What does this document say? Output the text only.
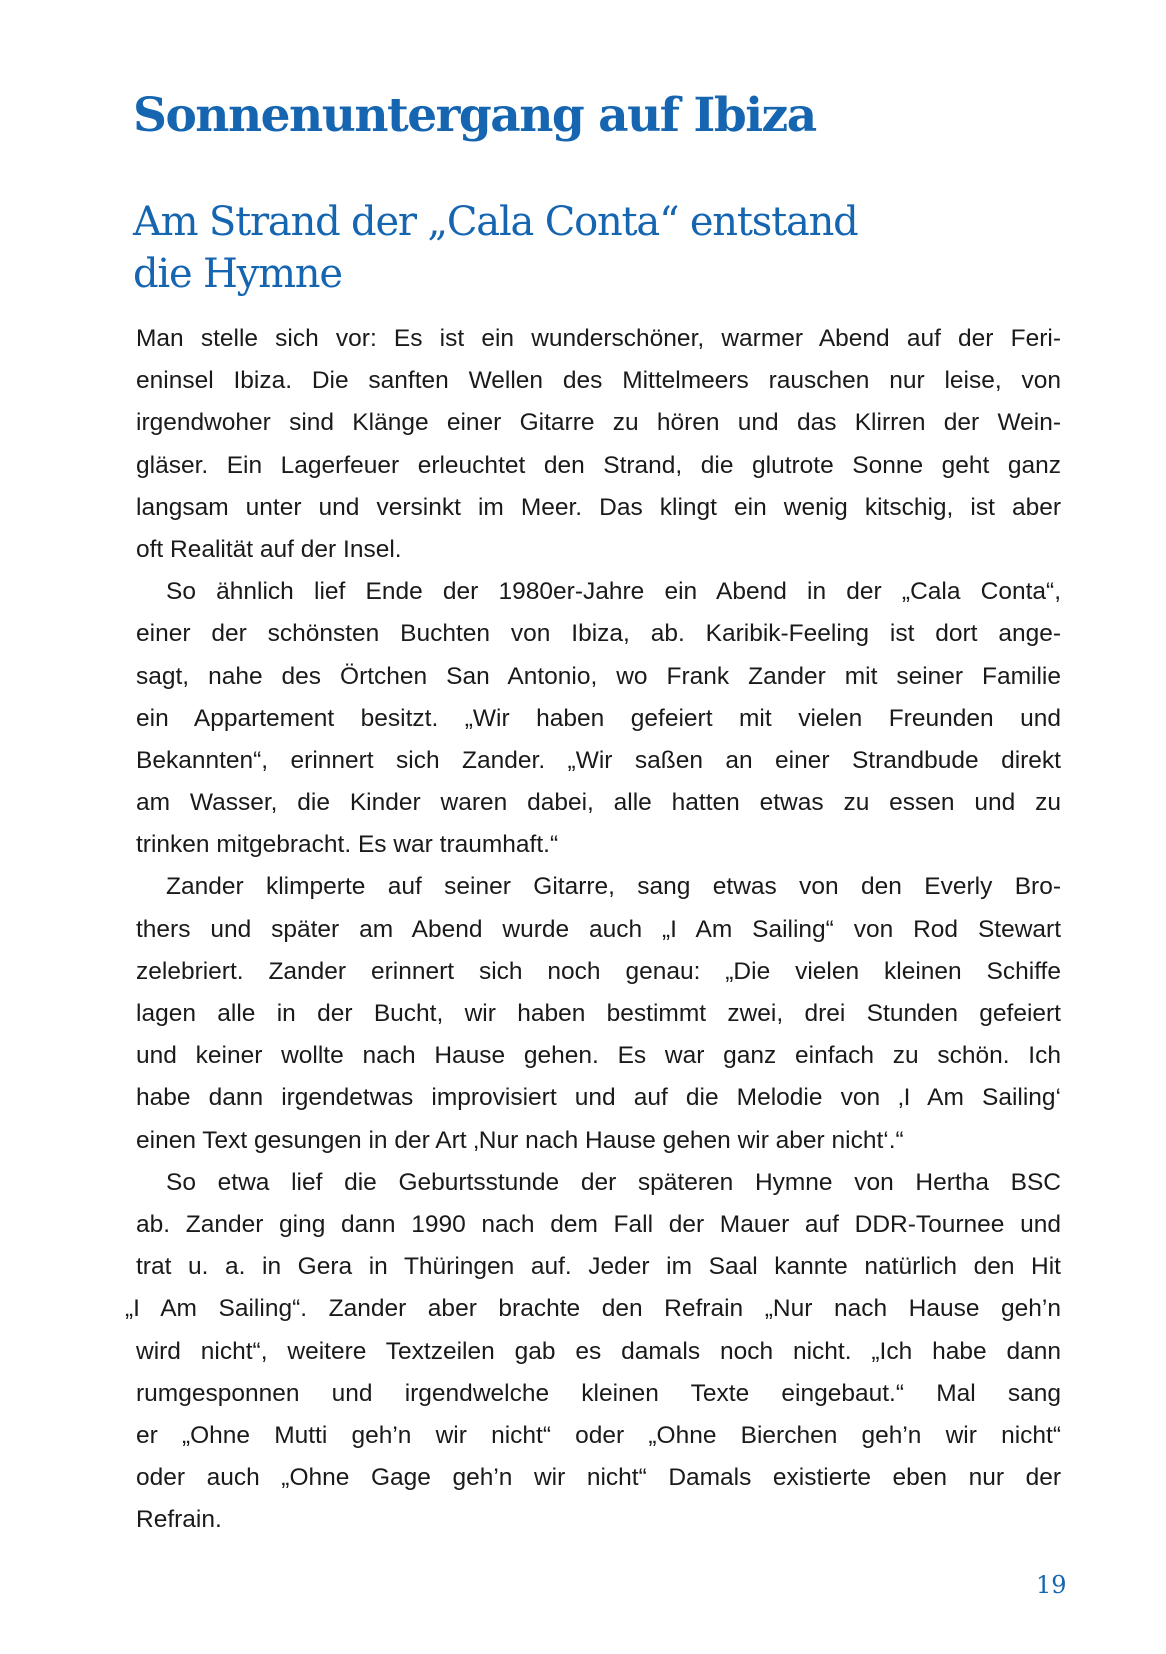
Sonnenuntergang auf Ibiza
Am Strand der „Cala Conta“ entstand
die Hymne
Man stelle sich vor: Es ist ein wunderschöner, warmer Abend auf der Feri-
eninsel Ibiza. Die sanften Wellen des Mittelmeers rauschen nur leise, von
irgendwoher sind Klänge einer Gitarre zu hören und das Klirren der Wein-
gläser. Ein Lagerfeuer erleuchtet den Strand, die glutrote Sonne geht ganz
langsam unter und versinkt im Meer. Das klingt ein wenig kitschig, ist aber
oft Realität auf der Insel.
So ähnlich lief Ende der 1980er-Jahre ein Abend in der „Cala Conta“,
einer der schönsten Buchten von Ibiza, ab. Karibik-Feeling ist dort ange-
sagt, nahe des Örtchen San Antonio, wo Frank Zander mit seiner Familie
ein Appartement besitzt. „Wir haben gefeiert mit vielen Freunden und
Bekannten“, erinnert sich Zander. „Wir saßen an einer Strandbude direkt
am Wasser, die Kinder waren dabei, alle hatten etwas zu essen und zu
trinken mitgebracht. Es war traumhaft.“
Zander klimperte auf seiner Gitarre, sang etwas von den Everly Bro-
thers und später am Abend wurde auch „I Am Sailing“ von Rod Stewart
zelebriert. Zander erinnert sich noch genau: „Die vielen kleinen Schiffe
lagen alle in der Bucht, wir haben bestimmt zwei, drei Stunden gefeiert
und keiner wollte nach Hause gehen. Es war ganz einfach zu schön. Ich
habe dann irgendetwas improvisiert und auf die Melodie von ‚I Am Sailing‘
einen Text gesungen in der Art ‚Nur nach Hause gehen wir aber nicht‘.“
So etwa lief die Geburtsstunde der späteren Hymne von Hertha BSC
ab. Zander ging dann 1990 nach dem Fall der Mauer auf DDR-Tournee und
trat u. a. in Gera in Thüringen auf. Jeder im Saal kannte natürlich den Hit
„I Am Sailing“. Zander aber brachte den Refrain „Nur nach Hause geh’n
wird nicht“, weitere Textzeilen gab es damals noch nicht. „Ich habe dann
rumgesponnen und irgendwelche kleinen Texte eingebaut.“ Mal sang
er „Ohne Mutti geh’n wir nicht“ oder „Ohne Bierchen geh’n wir nicht“
oder auch „Ohne Gage geh’n wir nicht“ Damals existierte eben nur der
Refrain.
19
